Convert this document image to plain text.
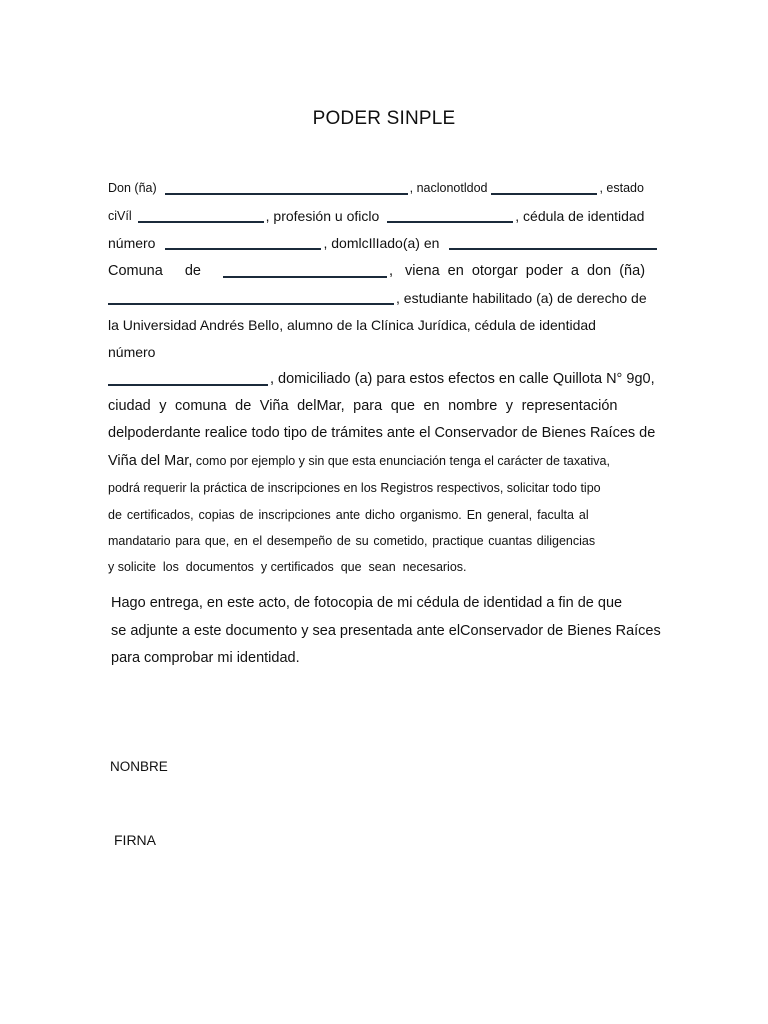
PODER SINPLE
Don (ña)	, naclonotldod	, estado
ciVíl	, profesión u oficlo	, cédula de identidad
número	, domlcIlIado(a) en
Comuna de	, viena en otorgar poder a don (ña)
, estudiante habilitado (a) de derecho de
la Universidad Andrés Bello, alumno de la Clínica Jurídica, cédula de identidad
número
, domiciliado (a) para estos efectos en calle Quillota N° 9g0,
ciudad y comuna de Viña delMar, para que en nombre y representación
delpoderdante realice todo tipo de trámites ante el Conservador de Bienes Raíces de
Viña del Mar, como por ejemplo y sin que esta enunciación tenga el carácter de taxativa,
podrá requerir la práctica de inscripciones en los Registros respectivos, solicitar todo tipo
de certificados, copias de inscripciones ante dicho organismo. En general, faculta al
mandatario para que, en el desempeño de su cometido, practique cuantas diligencias
y solicite  los  documentos  y certificados  que  sean  necesarios.

Hago entrega, en este acto, de fotocopia de mi cédula de identidad a fin de que

se adjunte a este documento y sea presentada ante elConservador de Bienes Raíces

para comprobar mi identidad.

NONBRE
FIRNA
